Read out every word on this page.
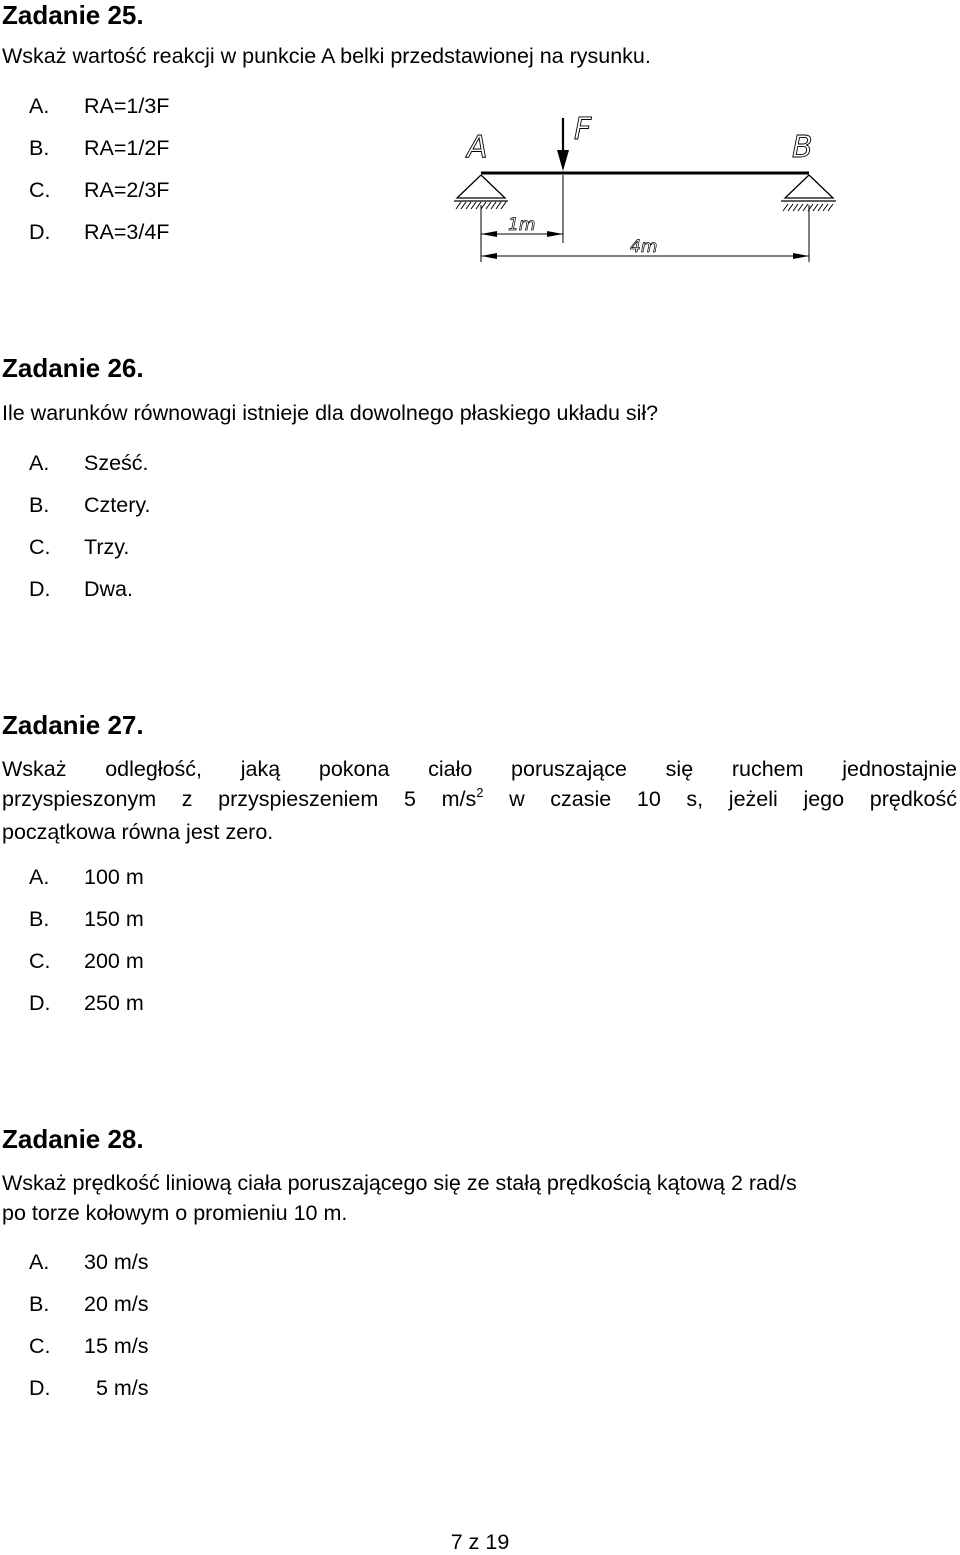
Zadanie 25.

Wskaż wartość reakcji w punkcie A belki przedstawionej na rysunku.

A.	RA=1/3F
B.	RA=1/2F
C.	RA=2/3F
D.	RA=3/4F
A
F
B
1m
4m
Zadanie 26.

Ile warunków równowagi istnieje dla dowolnego płaskiego układu sił?

A.	Sześć.
B.	Cztery.
C.	Trzy.
D.	Dwa.
Zadanie 27.
Wskaż odległość, jaką pokona ciało poruszające się ruchem jednostajnie
przyspieszonym z przyspieszeniem 5 $m/s^2$ w czasie 10 s, jeżeli jego prędkość
początkowa równa jest zero.
A.	100 m
B.	150 m
C.	200 m
D.	250 m
Zadanie 28.

Wskaż prędkość liniową ciała poruszającego się ze stałą prędkością kątową 2 rad/s

po torze kołowym o promieniu 10 m.

A.	30 m/s
B.	20 m/s
C.	15 m/s
D.	5 m/s
7 z 19
